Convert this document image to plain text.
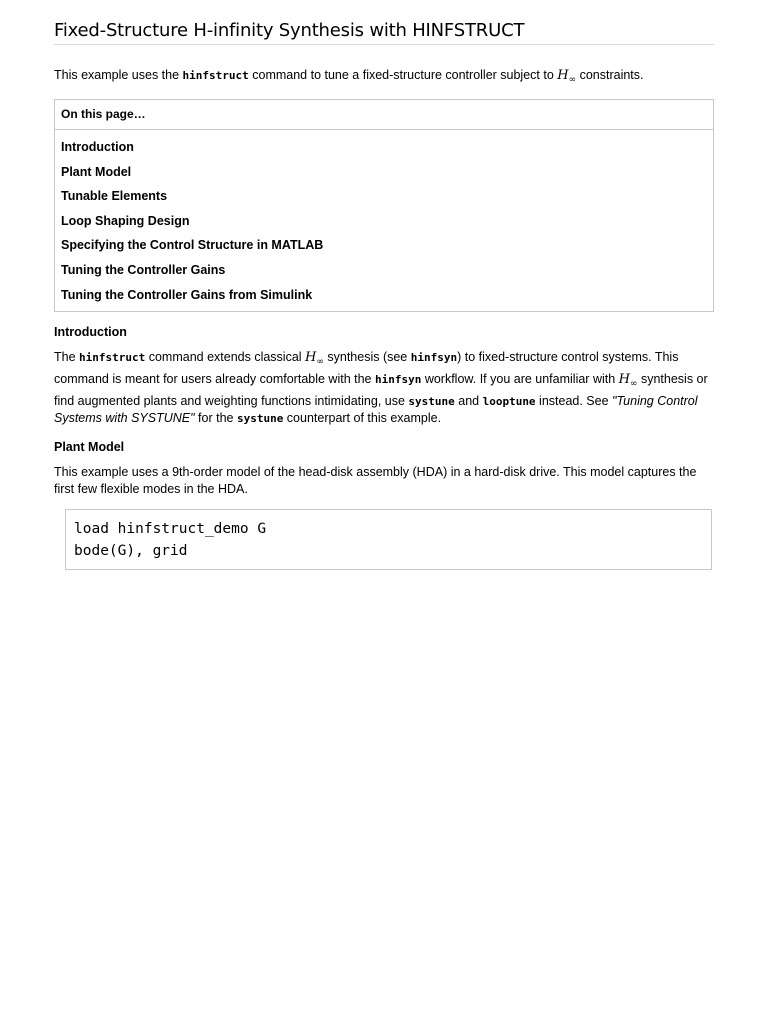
Fixed-Structure H-infinity Synthesis with HINFSTRUCT

This example uses the hinfstruct command to tune a fixed-structure controller subject to $H_\infty$ constraints.

On this page…
Introduction
Plant Model
Tunable Elements
Loop Shaping Design
Specifying the Control Structure in MATLAB
Tuning the Controller Gains
Tuning the Controller Gains from Simulink
Introduction

The hinfstruct command extends classical $H_\infty$ synthesis (see hinfsyn) to fixed-structure control systems. This command is meant for users already comfortable with the hinfsyn workflow. If you are unfamiliar with $H_\infty$ synthesis or find augmented plants and weighting functions intimidating, use systune and looptune instead. See "Tuning Control Systems with SYSTUNE" for the systune counterpart of this example.

Plant Model

This example uses a 9th-order model of the head-disk assembly (HDA) in a hard-disk drive. This model captures the first few flexible modes in the HDA.

load hinfstruct_demo G
bode(G), grid
